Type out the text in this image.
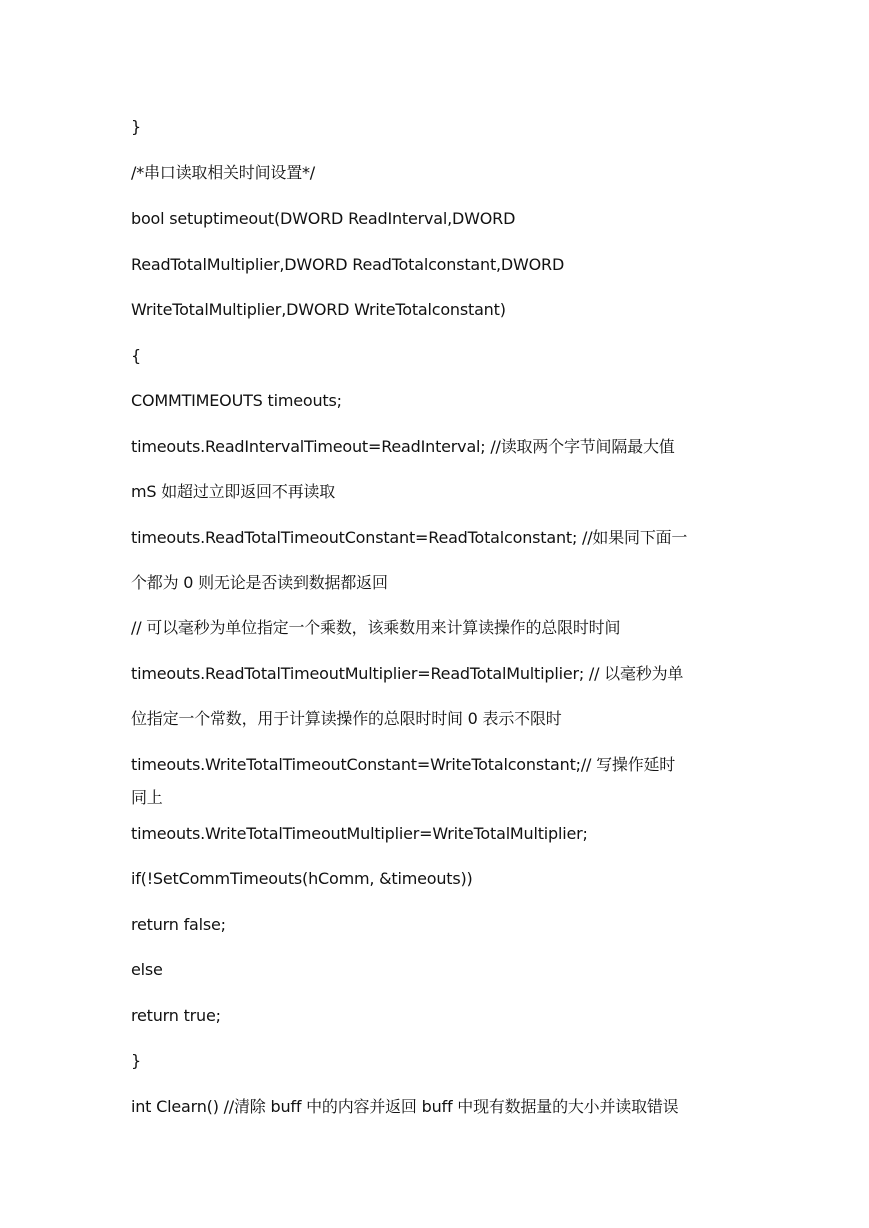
}
/*串口读取相关时间设置*/
bool setuptimeout(DWORD ReadInterval,DWORD
ReadTotalMultiplier,DWORD ReadTotalconstant,DWORD
WriteTotalMultiplier,DWORD WriteTotalconstant)
{
COMMTIMEOUTS timeouts;
timeouts.ReadIntervalTimeout=ReadInterval; //读取两个字节间隔最大值
mS 如超过立即返回不再读取
timeouts.ReadTotalTimeoutConstant=ReadTotalconstant; //如果同下面一
个都为 0 则无论是否读到数据都返回
// 可以毫秒为单位指定一个乘数，该乘数用来计算读操作的总限时时间
timeouts.ReadTotalTimeoutMultiplier=ReadTotalMultiplier; // 以毫秒为单
位指定一个常数，用于计算读操作的总限时时间 0 表示不限时
timeouts.WriteTotalTimeoutConstant=WriteTotalconstant;// 写操作延时
同上
timeouts.WriteTotalTimeoutMultiplier=WriteTotalMultiplier;
if(!SetCommTimeouts(hComm, &timeouts))
return false;
else
return true;
}
int Clearn() //清除 buff 中的内容并返回 buff 中现有数据量的大小并读取错误
